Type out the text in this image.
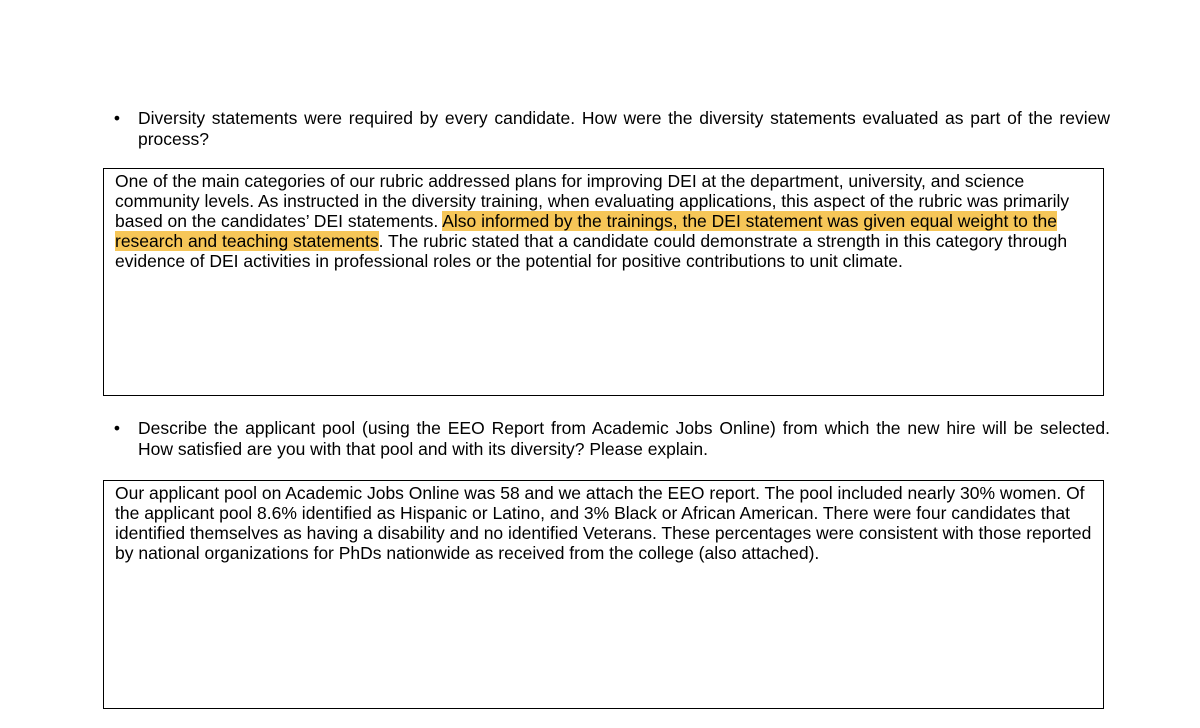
• Diversity statements were required by every candidate. How were the diversity statements evaluated as part of the review process?

One of the main categories of our rubric addressed plans for improving DEI at the department, university, and science community levels. As instructed in the diversity training, when evaluating applications, this aspect of the rubric was primarily based on the candidates’ DEI statements. Also informed by the trainings, the DEI statement was given equal weight to the research and teaching statements. The rubric stated that a candidate could demonstrate a strength in this category through evidence of DEI activities in professional roles or the potential for positive contributions to unit climate.

• Describe the applicant pool (using the EEO Report from Academic Jobs Online) from which the new hire will be selected. How satisfied are you with that pool and with its diversity? Please explain.

Our applicant pool on Academic Jobs Online was 58 and we attach the EEO report. The pool included nearly 30% women. Of the applicant pool 8.6% identified as Hispanic or Latino, and 3% Black or African American. There were four candidates that identified themselves as having a disability and no identified Veterans. These percentages were consistent with those reported by national organizations for PhDs nationwide as received from the college (also attached).
